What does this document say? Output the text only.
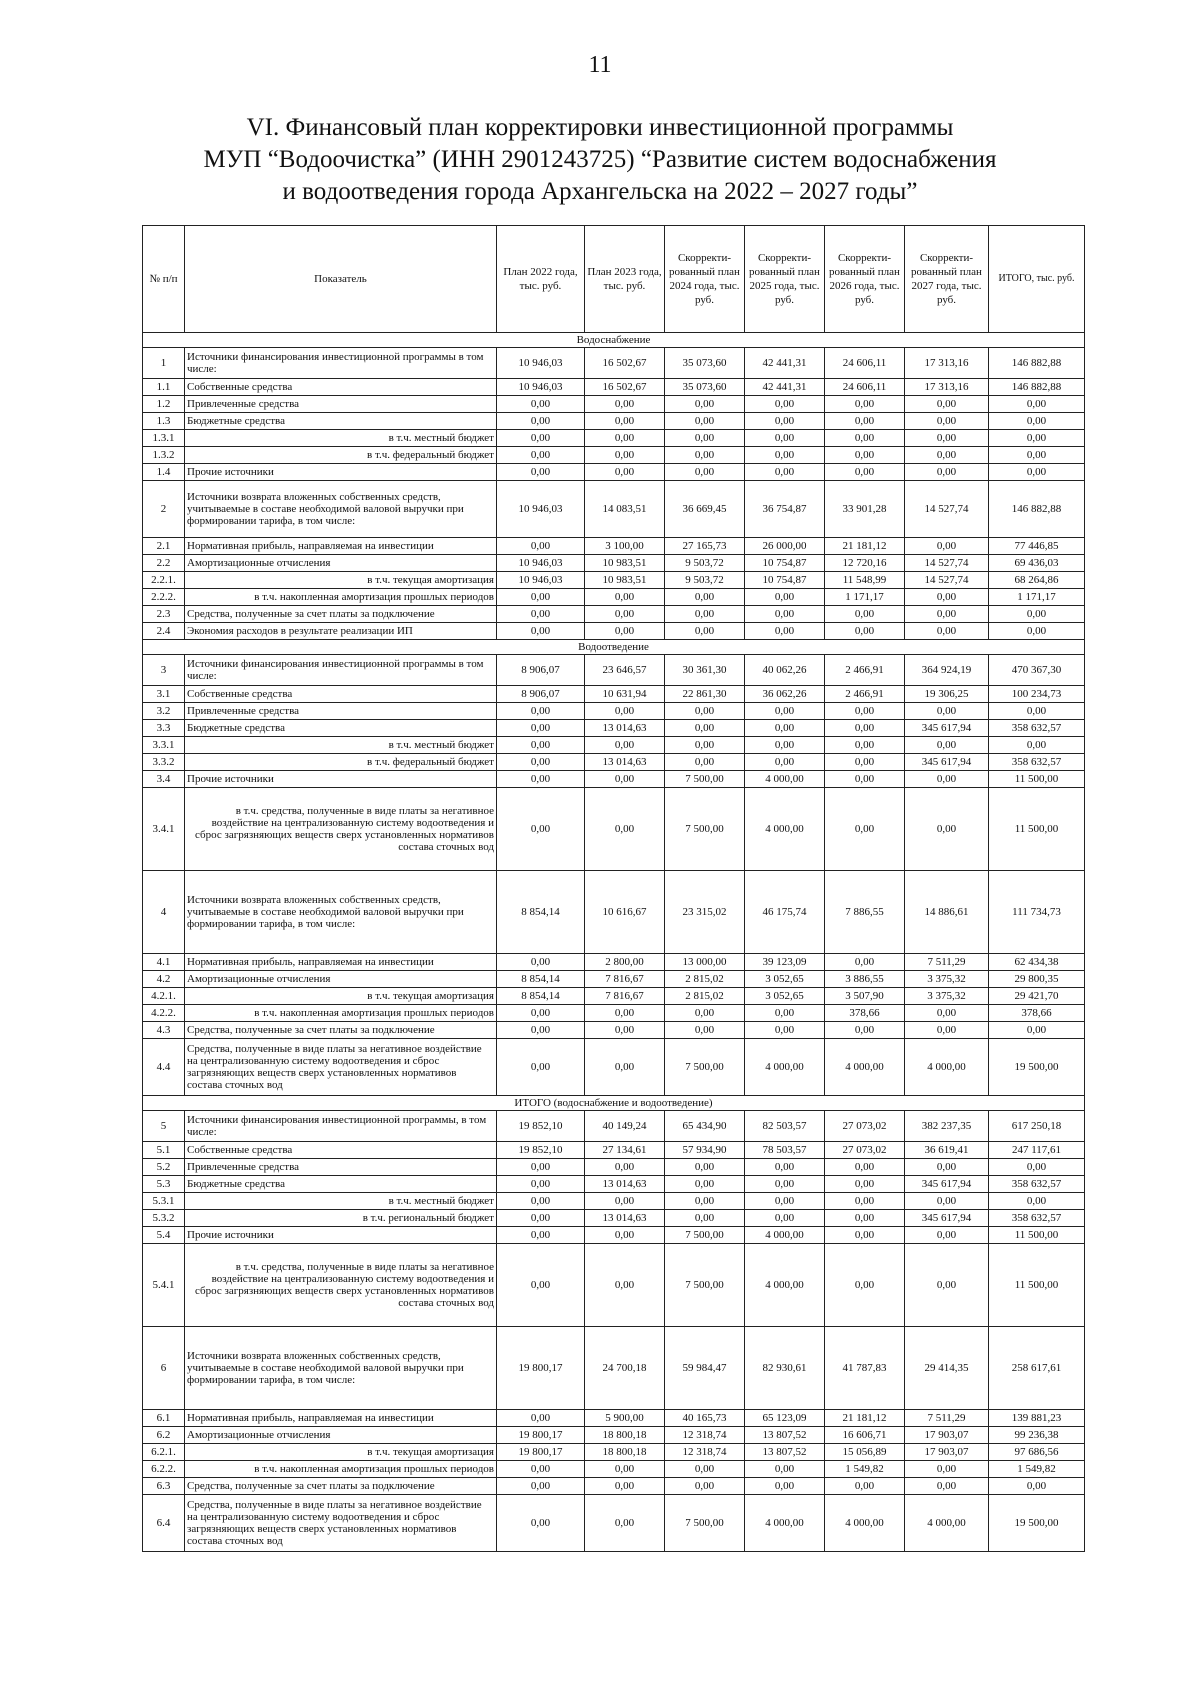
11
VI. Финансовый план корректировки инвестиционной программы
МУП “Водоочистка” (ИНН 2901243725) “Развитие систем водоснабжения
и водоотведения города Архангельска на 2022 – 2027 годы”
№ п/п	Показатель	План 2022 года, тыс. руб.	План 2023 года, тыс. руб.	Скорректи-рованный план 2024 года, тыс. руб.	Скорректи-рованный план 2025 года, тыс. руб.	Скорректи-рованный план 2026 года, тыс. руб.	Скорректи-рованный план 2027 года, тыс. руб.	ИТОГО, тыс. руб.
Водоснабжение								
1	Источники финансирования инвестиционной программы в том числе:	10 946,03	16 502,67	35 073,60	42 441,31	24 606,11	17 313,16	146 882,88
1.1	Собственные средства	10 946,03	16 502,67	35 073,60	42 441,31	24 606,11	17 313,16	146 882,88
1.2	Привлеченные средства	0,00	0,00	0,00	0,00	0,00	0,00	0,00
1.3	Бюджетные средства	0,00	0,00	0,00	0,00	0,00	0,00	0,00
1.3.1	в т.ч. местный бюджет	0,00	0,00	0,00	0,00	0,00	0,00	0,00
1.3.2	в т.ч. федеральный бюджет	0,00	0,00	0,00	0,00	0,00	0,00	0,00
1.4	Прочие источники	0,00	0,00	0,00	0,00	0,00	0,00	0,00
2	Источники возврата вложенных собственных средств, учитываемые в составе необходимой валовой выручки при формировании тарифа, в том числе:	10 946,03	14 083,51	36 669,45	36 754,87	33 901,28	14 527,74	146 882,88
2.1	Нормативная прибыль, направляемая на инвестиции	0,00	3 100,00	27 165,73	26 000,00	21 181,12	0,00	77 446,85
2.2	Амортизационные отчисления	10 946,03	10 983,51	9 503,72	10 754,87	12 720,16	14 527,74	69 436,03
2.2.1.	в т.ч. текущая амортизация	10 946,03	10 983,51	9 503,72	10 754,87	11 548,99	14 527,74	68 264,86
2.2.2.	в т.ч. накопленная амортизация прошлых периодов	0,00	0,00	0,00	0,00	1 171,17	0,00	1 171,17
2.3	Средства, полученные за счет платы за подключение	0,00	0,00	0,00	0,00	0,00	0,00	0,00
2.4	Экономия расходов в результате реализации ИП	0,00	0,00	0,00	0,00	0,00	0,00	0,00
Водоотведение								
3	Источники финансирования инвестиционной программы в том числе:	8 906,07	23 646,57	30 361,30	40 062,26	2 466,91	364 924,19	470 367,30
3.1	Собственные средства	8 906,07	10 631,94	22 861,30	36 062,26	2 466,91	19 306,25	100 234,73
3.2	Привлеченные средства	0,00	0,00	0,00	0,00	0,00	0,00	0,00
3.3	Бюджетные средства	0,00	13 014,63	0,00	0,00	0,00	345 617,94	358 632,57
3.3.1	в т.ч. местный бюджет	0,00	0,00	0,00	0,00	0,00	0,00	0,00
3.3.2	в т.ч. федеральный бюджет	0,00	13 014,63	0,00	0,00	0,00	345 617,94	358 632,57
3.4	Прочие источники	0,00	0,00	7 500,00	4 000,00	0,00	0,00	11 500,00
3.4.1	в т.ч. средства, полученные в виде платы за негативное воздействие на централизованную систему водоотведения и сброс загрязняющих веществ сверх установленных нормативов состава сточных вод	0,00	0,00	7 500,00	4 000,00	0,00	0,00	11 500,00
4	Источники возврата вложенных собственных средств, учитываемые в составе необходимой валовой выручки при формировании тарифа, в том числе:	8 854,14	10 616,67	23 315,02	46 175,74	7 886,55	14 886,61	111 734,73
4.1	Нормативная прибыль, направляемая на инвестиции	0,00	2 800,00	13 000,00	39 123,09	0,00	7 511,29	62 434,38
4.2	Амортизационные отчисления	8 854,14	7 816,67	2 815,02	3 052,65	3 886,55	3 375,32	29 800,35
4.2.1.	в т.ч. текущая амортизация	8 854,14	7 816,67	2 815,02	3 052,65	3 507,90	3 375,32	29 421,70
4.2.2.	в т.ч. накопленная амортизация прошлых периодов	0,00	0,00	0,00	0,00	378,66	0,00	378,66
4.3	Средства, полученные за счет платы за подключение	0,00	0,00	0,00	0,00	0,00	0,00	0,00
4.4	Средства, полученные в виде платы за негативное воздействие на централизованную систему водоотведения и сброс загрязняющих веществ сверх установленных нормативов состава сточных вод	0,00	0,00	7 500,00	4 000,00	4 000,00	4 000,00	19 500,00
ИТОГО (водоснабжение и водоотведение)								
5	Источники финансирования инвестиционной программы, в том числе:	19 852,10	40 149,24	65 434,90	82 503,57	27 073,02	382 237,35	617 250,18
5.1	Собственные средства	19 852,10	27 134,61	57 934,90	78 503,57	27 073,02	36 619,41	247 117,61
5.2	Привлеченные средства	0,00	0,00	0,00	0,00	0,00	0,00	0,00
5.3	Бюджетные средства	0,00	13 014,63	0,00	0,00	0,00	345 617,94	358 632,57
5.3.1	в т.ч. местный бюджет	0,00	0,00	0,00	0,00	0,00	0,00	0,00
5.3.2	в т.ч. региональный бюджет	0,00	13 014,63	0,00	0,00	0,00	345 617,94	358 632,57
5.4	Прочие источники	0,00	0,00	7 500,00	4 000,00	0,00	0,00	11 500,00
5.4.1	в т.ч. средства, полученные в виде платы за негативное воздействие на централизованную систему водоотведения и сброс загрязняющих веществ сверх установленных нормативов состава сточных вод	0,00	0,00	7 500,00	4 000,00	0,00	0,00	11 500,00
6	Источники возврата вложенных собственных средств, учитываемые в составе необходимой валовой выручки при формировании тарифа, в том числе:	19 800,17	24 700,18	59 984,47	82 930,61	41 787,83	29 414,35	258 617,61
6.1	Нормативная прибыль, направляемая на инвестиции	0,00	5 900,00	40 165,73	65 123,09	21 181,12	7 511,29	139 881,23
6.2	Амортизационные отчисления	19 800,17	18 800,18	12 318,74	13 807,52	16 606,71	17 903,07	99 236,38
6.2.1.	в т.ч. текущая амортизация	19 800,17	18 800,18	12 318,74	13 807,52	15 056,89	17 903,07	97 686,56
6.2.2.	в т.ч. накопленная амортизация прошлых периодов	0,00	0,00	0,00	0,00	1 549,82	0,00	1 549,82
6.3	Средства, полученные за счет платы за подключение	0,00	0,00	0,00	0,00	0,00	0,00	0,00
6.4	Средства, полученные в виде платы за негативное воздействие на централизованную систему водоотведения и сброс загрязняющих веществ сверх установленных нормативов состава сточных вод	0,00	0,00	7 500,00	4 000,00	4 000,00	4 000,00	19 500,00
